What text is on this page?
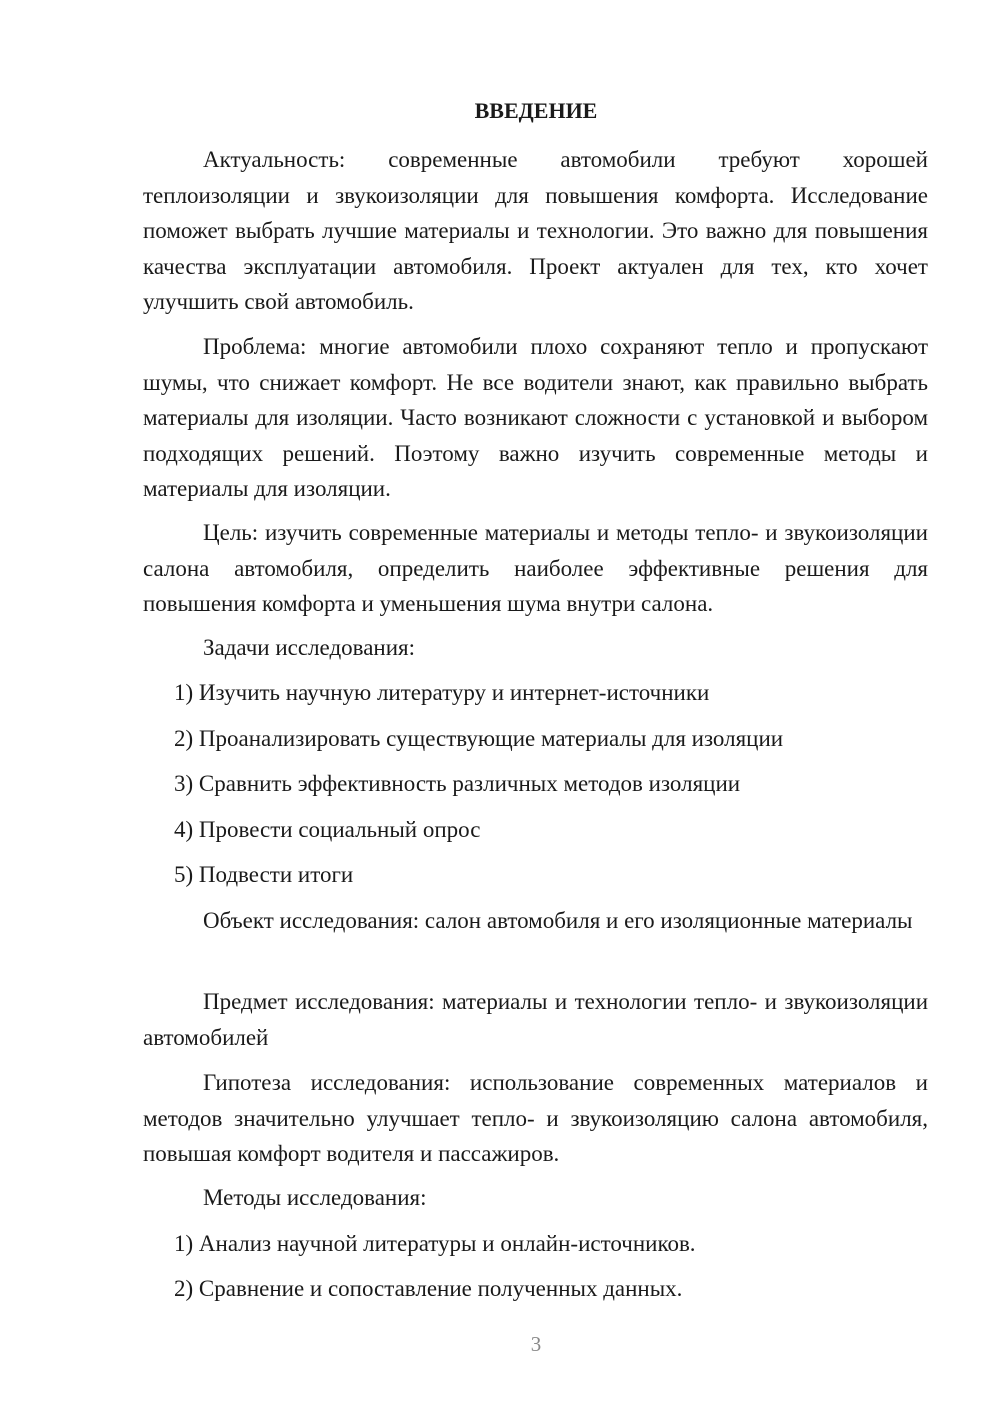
ВВЕДЕНИЕ

Актуальность: современные автомобили требуют хорошей теплоизоляции и звукоизоляции для повышения комфорта. Исследование поможет выбрать лучшие материалы и технологии. Это важно для повышения качества эксплуатации автомобиля. Проект актуален для тех, кто хочет улучшить свой автомобиль.

Проблема: многие автомобили плохо сохраняют тепло и пропускают шумы, что снижает комфорт. Не все водители знают, как правильно выбрать материалы для изоляции. Часто возникают сложности с установкой и выбором подходящих решений. Поэтому важно изучить современные методы и материалы для изоляции.

Цель: изучить современные материалы и методы тепло- и звукоизоляции салона автомобиля, определить наиболее эффективные решения для повышения комфорта и уменьшения шума внутри салона.

Задачи исследования:

1) Изучить научную литературу и интернет-источники

2) Проанализировать существующие материалы для изоляции

3) Сравнить эффективность различных методов изоляции

4) Провести социальный опрос

5) Подвести итоги

Объект исследования: салон автомобиля и его изоляционные материалы

Предмет исследования: материалы и технологии тепло- и звукоизоляции автомобилей

Гипотеза исследования: использование современных материалов и методов значительно улучшает тепло- и звукоизоляцию салона автомобиля, повышая комфорт водителя и пассажиров.

Методы исследования:

1) Анализ научной литературы и онлайн-источников.

2) Сравнение и сопоставление полученных данных.

3
